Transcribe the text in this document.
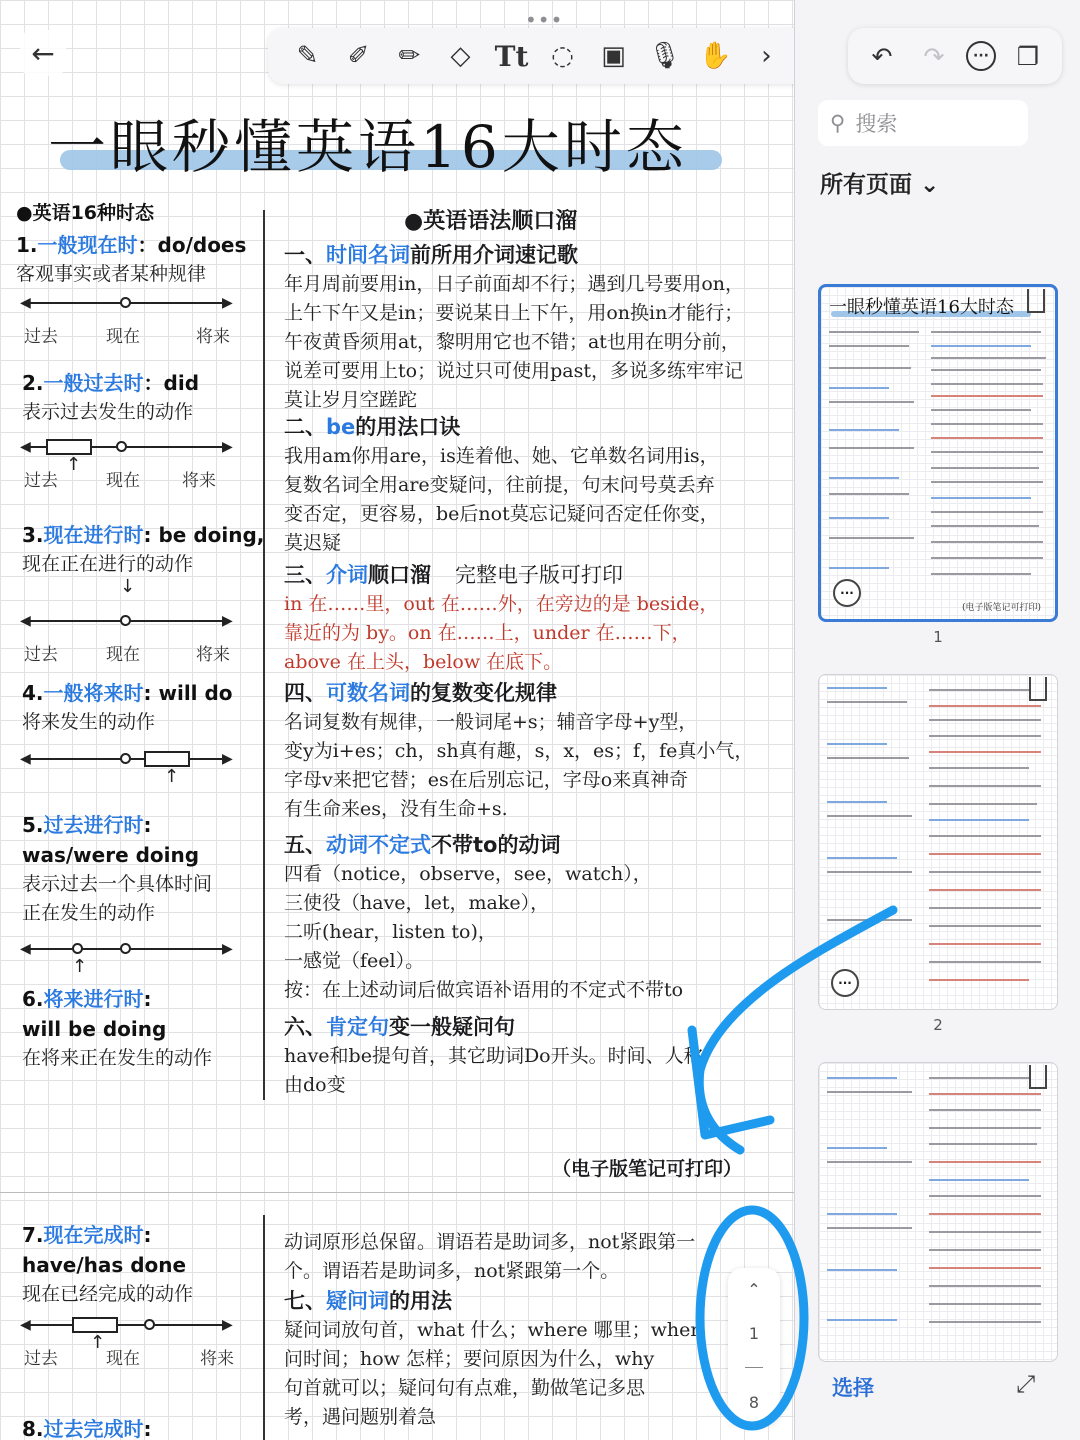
←	✎	✐	✏	◇ Tt ◌	▣ 🎙 ✋	›
一眼秒懂英语16大时态
●英语16种时态
1.一般现在时：do/does
客观事实或者某种规律
▶
◀
过去	现在	将来
2.一般过去时：did
表示过去发生的动作
▶
◀
↑
过去	现在 将来
3.现在进行时: be doing,
现在正在进行的动作
↓
▶
◀
过去	现在	将来
4.一般将来时: will do
将来发生的动作
▶
◀
↑
5.过去进行时:
was/were doing
表示过去一个具体时间
正在发生的动作
▶
◀
↑
6.将来进行时:
will be doing
在将来正在发生的动作
7.现在完成时:
have/has done
现在已经完成的动作
▶
◀
↑
过去	现在	将来
8.过去完成时:
●英语语法顺口溜
一、时间名词前所用介词速记歌
年月周前要用in，日子前面却不行；遇到几号要用on，
上午下午又是in；要说某日上下午，用on换in才能行；
午夜黄昏须用at，黎明用它也不错；at也用在明分前，
说差可要用上to；说过只可使用past，多说多练牢牢记
莫让岁月空蹉跎
二、be的用法口诀
我用am你用are，is连着他、她、它单数名词用is，
复数名词全用are变疑问，往前提，句末问号莫丢弃
变否定，更容易，be后not莫忘记疑问否定任你变，
莫迟疑
三、介词顺口溜 完整电子版可打印
in 在……里，out 在……外，在旁边的是 beside，
靠近的为 by。on 在……上，under 在……下，
above 在上头，below 在底下。
四、可数名词的复数变化规律
名词复数有规律，一般词尾+s；辅音字母+y型，
变y为i+es；ch，sh真有趣，s，x，es；f，fe真小气，
字母v来把它替；es在后别忘记，字母o来真神奇
有生命来es，没有生命+s.
五、动词不定式不带to的动词
四看（notice，observe，see，watch），
三使役（have，let，make），
二听(hear，listen to)，
一感觉（feel）。
按：在上述动词后做宾语补语用的不定式不带to
六、肯定句变一般疑问句
have和be提句首，其它助词Do开头。时间、人称
由do变
（电子版笔记可打印）
动词原形总保留。谓语若是助词多，not紧跟第一
个。谓语若是助词多，not紧跟第一个。
七、疑问词的用法
疑问词放句首，what 什么；where 哪里；when
问时间；how 怎样；要问原因为什么，why
句首就可以；疑问句有点难，勤做笔记多思
考，遇问题别着急
⌃
1
8
•••
↶	↷	···	❐
⚲ 搜索
所有页面 ⌄
一眼秒懂英语16大时态
(电子版笔记可打印)
···
1
···
2
选择	⤢
